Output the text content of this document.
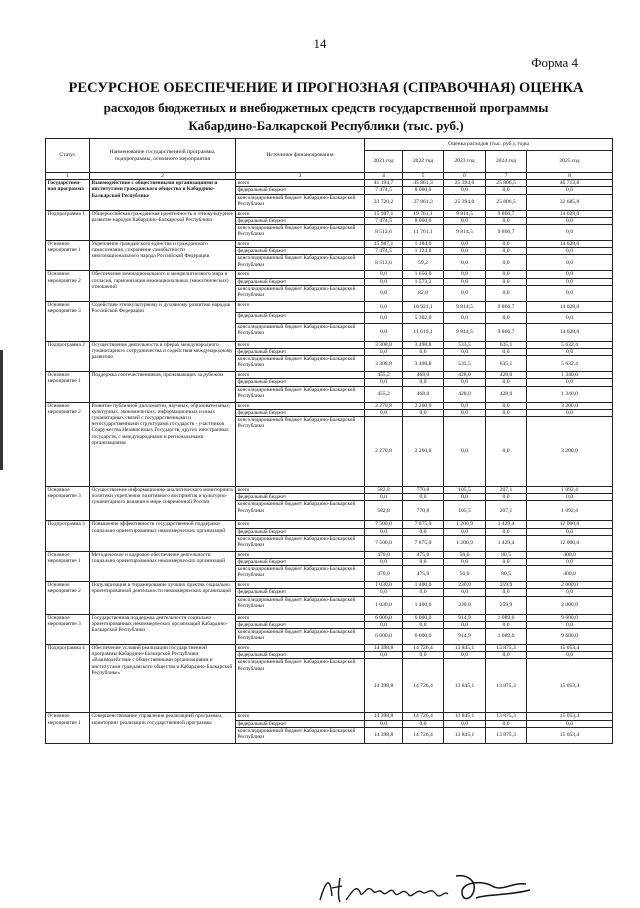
14
Форма 4
РЕСУРСНОЕ ОБЕСПЕЧЕНИЕ И ПРОГНОЗНАЯ (СПРАВОЧНАЯ) ОЦЕНКА
расходов бюджетных и внебюджетных средств государственной программы
Кабардино-Балкарской Республики (тыс. руб.)
Статус	Наименование государственной программы, подпрограммы, основного мероприятия	Источники финансирования	Оценка расходов (тыс. руб.), годы				
			2021 год	2022 год	2023 год	2024 год	2025 год
1	2	3	4	5	6	7	8
Государствен-ная программа	Взаимодействие с общественными организациями и институтами гражданского общества в Кабардино-Балкарской Республике	всего	41 194,7	45 861,3	25 394,0	25 806,5	46 713,8
		федеральный бюджет	7 474,5	8 000,0	0,0	0,0	0,0
		консолидированный бюджет Кабардино-Балкарской Республики	33 720,2	37 861,3	25 394,0	25 806,5	32 685,8
Подпрограмма 1	Общероссийская гражданская идентичность и этнокультурное развитие народов Кабардино-Балкарской Республики	всего	15 987,1	19 761,1	9 814,5	9 866,7	14 028,0
		федеральный бюджет	7 474,5	8 000,0	0,0	0,0	0,0
		консолидированный бюджет Кабардино-Балкарской Республики	8 512,6	11 761,1	9 814,5	9 866,7	0,0
Основное мероприятие 1	Укрепление гражданского единства и гражданского самосознания, сохранение самобытности многонационального народа Российской Федерации	всего	15 987,1	1 184,0	0,0	0,0	14 028,0
		федеральный бюджет	7 474,5	1 124,8	0,0	0,0	0,0
		консолидированный бюджет Кабардино-Балкарской Республики	8 512,6	59,2	0,0	0,0	0,0
Основное мероприятие 2	Обеспечение межнационального и межрелигиозного мира и согласия, гармонизация межнациональных (межэтнических) отношений	всего	0,0	1 656,0	0,0	0,0	0,0
		федеральный бюджет	0,0	1 573,2	0,0	0,0	0,0
		консолидированный бюджет Кабардино-Балкарской Республики	0,0	82,8	0,0	0,0	0,0
Основное мероприятие 3	Содействие этнокультурному и духовному развитию народов Российской Федерации	всего	0,0	16 921,1	9 814,5	9 866,7	14 028,0
		федеральный бюджет	0,0	5 302,0	0,0	0,0	0,0
		консолидированный бюджет Кабардино-Балкарской Республики	0,0	11 619,1	9 814,5	9 866,7	14 028,0
Подпрограмма 2	Осуществление деятельности в сферах международного гуманитарного сотрудничества и содействия международному развитию	всего	3 308,8	3 498,8	533,5	635,1	5 632,4
		федеральный бюджет	0,0	0,0	0,0	0,0	0,0
		консолидированный бюджет Кабардино-Балкарской Республики	3 308,8	3 498,8	533,5	635,1	5 632,4
Основное мероприятие 1	Поддержка соотечественников, проживающих за рубежом	всего	455,2	468,0	428,0	428,0	1 340,0
		федеральный бюджет	0,0	0,0	0,0	0,0	0,0
		консолидированный бюджет Кабардино-Балкарской Республики	455,2	468,0	428,0	428,0	1 340,0
Основное мероприятие 2	Развитие публичной дипломатии, научных, образовательных, культурных, экономических, информационных и иных гуманитарных связей с государственными и негосударственными структурами государств - участников Содружества Независимых Государств, других иностранных государств, с международными и региональными организациями	всего	2 270,8	2 260,0	0,0	0,0	3 200,0
		федеральный бюджет	0,0	0,0	0,0	0,0	0,0
		консолидированный бюджет Кабардино-Балкарской Республики	2 270,8	2 260,0	0,0	0,0	3 200,0
Основное мероприятие 3	Осуществление информационно-аналитического мониторинга политики укрепления позитивного восприятия и культурно-гуманитарного влияния в мире современной России	всего	582,8	770,8	105,5	207,1	1 092,4
		федеральный бюджет	0,0	0,0	0,0	0,0	0,0
		консолидированный бюджет Кабардино-Балкарской Республики	582,8	770,8	105,5	207,1	1 092,4
Подпрограмма 3	Повышение эффективности государственной поддержки социально ориентированных некоммерческих организаций	всего	7 500,0	7 875,0	1 200,9	1 429,4	12 000,0
		федеральный бюджет	0,0	0,0	0,0	0,0	0,0
		консолидированный бюджет Кабардино-Балкарской Республики	7 500,0	7 875,0	1 200,9	1 429,4	12 000,0
Основное мероприятие 1	Методическое и кадровое обеспечение деятельности социально ориентированных некоммерческих организаций	всего	470,0	475,0	56,0	80,5	400,0
		федеральный бюджет	0,0	0,0	0,0	0,0	0,0
		консолидированный бюджет Кабардино-Балкарской Республики	470,0	475,0	56,0	80,5	400,0
Основное мероприятие 2	Популяризация и тиражирование лучших практик социально ориентированной деятельности некоммерческих организаций	всего	1 030,0	1 400,0	230,0	259,9	2 000,0
		федеральный бюджет	0,0	0,0	0,0	0,0	0,0
		консолидированный бюджет Кабардино-Балкарской Республики	1 030,0	1 400,0	230,0	259,9	2 000,0
Основное мероприятие 3	Государственная поддержка деятельности социально ориентированных некоммерческих организаций Кабардино-Балкарской Республики	всего	6 000,0	6 000,0	914,9	1 089,0	9 600,0
		федеральный бюджет	0,0	0,0	0,0	0,0	0,0
		консолидированный бюджет Кабардино-Балкарской Республики	6 000,0	6 000,0	914,9	1 089,0	9 600,0
Подпрограмма 4	Обеспечение условий реализации государственной программы Кабардино-Балкарской Республики «Взаимодействие с общественными организациями и институтами гражданского общества в Кабардино-Балкарской Республике»	всего	14 398,8	14 726,4	13 845,1	13 875,3	15 053,4
		федеральный бюджет	0,0	0,0	0,0	0,0	0,0
		консолидированный бюджет Кабардино-Балкарской Республики	14 398,8	14 726,4	13 845,1	13 875,3	15 053,4
Основное мероприятие 1	Совершенствование управления реализацией программы, мониторинг реализации государственной программы	всего	14 398,8	14 726,4	13 845,1	13 875,3	15 053,4
		федеральный бюджет	0,0	0,0	0,0	0,0	0,0
		консолидированный бюджет Кабардино-Балкарской Республики	14 398,8	14 726,4	13 845,1	13 875,3	15 053,4
